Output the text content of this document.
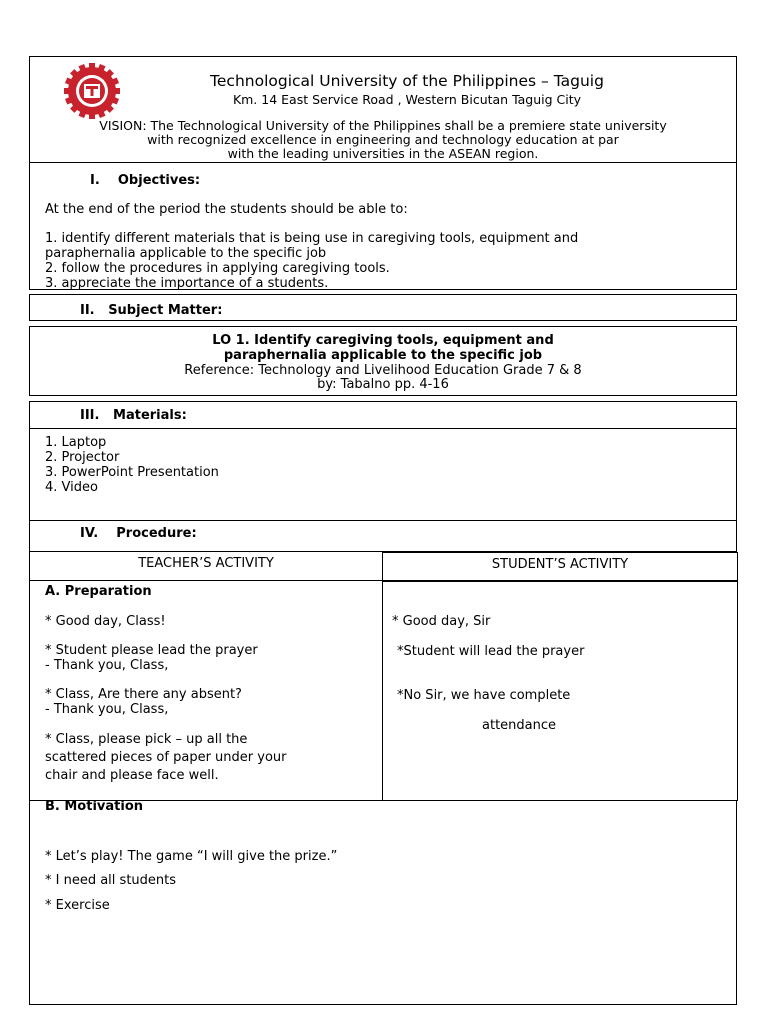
Technological University of the Philippines – Taguig
Km. 14 East Service Road , Western Bicutan Taguig City
VISION: The Technological University of the Philippines shall be a premiere state university
with recognized excellence in engineering and technology education at par
with the leading universities in the ASEAN region.
I.    Objectives:
At the end of the period the students should be able to:
1. identify different materials that is being use in caregiving tools, equipment and
paraphernalia applicable to the specific job
2. follow the procedures in applying caregiving tools.
3. appreciate the importance of a students.
II.   Subject Matter:
LO 1. Identify caregiving tools, equipment and
paraphernalia applicable to the specific job
Reference: Technology and Livelihood Education Grade 7 & 8
by: Tabalno pp. 4-16
III.   Materials:
1. Laptop
2. Projector
3. PowerPoint Presentation
4. Video
IV.    Procedure:
TEACHER’S ACTIVITY	STUDENT’S ACTIVITY
A. Preparation
* Good day, Class!
* Student please lead the prayer
- Thank you, Class,
* Class, Are there any absent?
- Thank you, Class,
* Class, please pick – up all the
scattered pieces of paper under your
chair and please face well.
* Good day, Sir
*Student will lead the prayer
*No Sir, we have complete
attendance
B. Motivation
* Let’s play! The game “I will give the prize.”
* I need all students
* Exercise
